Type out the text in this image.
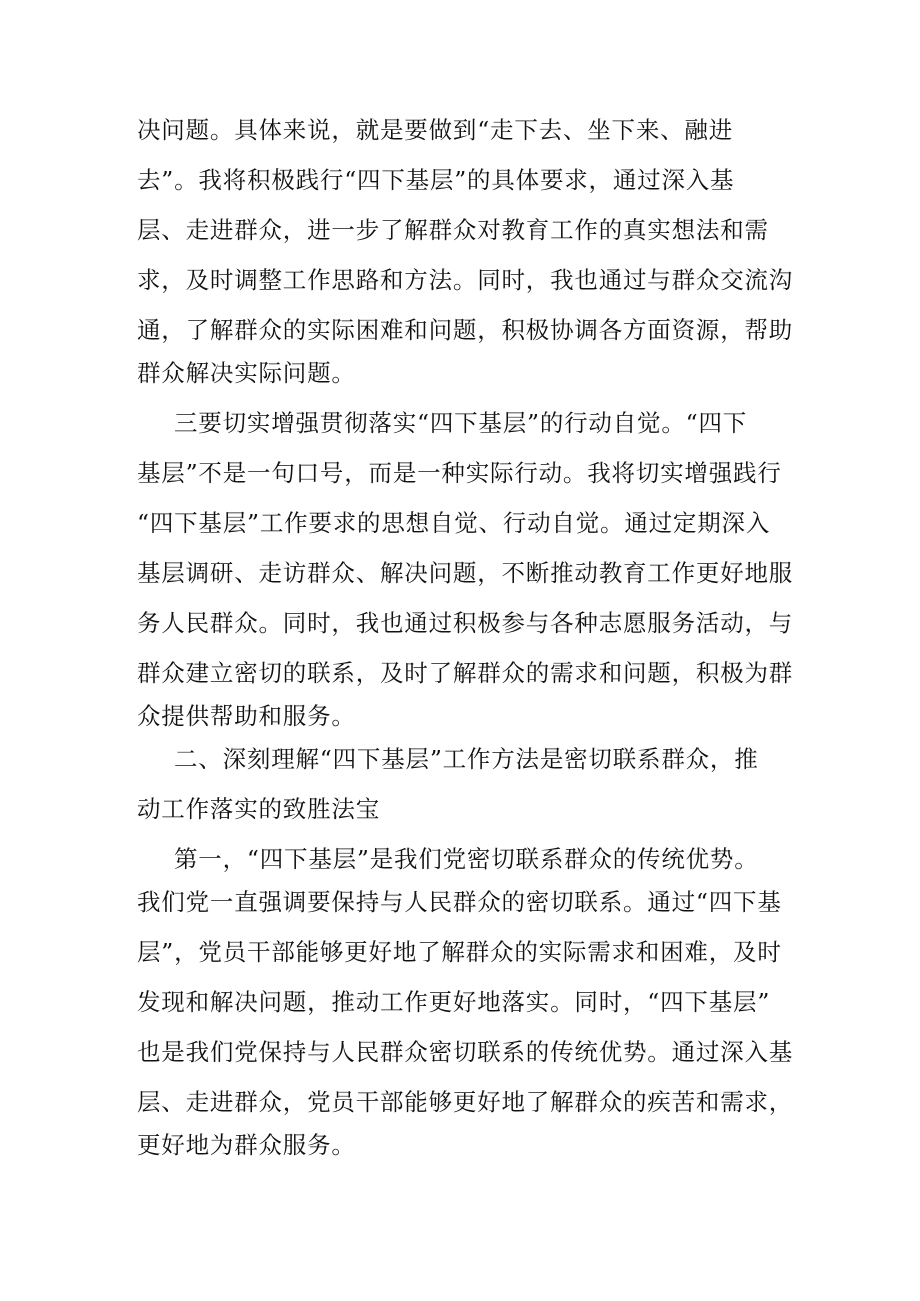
决问题。具体来说，就是要做到“走下去、坐下来、融进
去”。我将积极践行“四下基层”的具体要求，通过深入基
层、走进群众，进一步了解群众对教育工作的真实想法和需
求，及时调整工作思路和方法。同时，我也通过与群众交流沟
通，了解群众的实际困难和问题，积极协调各方面资源，帮助
群众解决实际问题。
三要切实增强贯彻落实“四下基层”的行动自觉。“四下
基层”不是一句口号，而是一种实际行动。我将切实增强践行
“四下基层”工作要求的思想自觉、行动自觉。通过定期深入
基层调研、走访群众、解决问题，不断推动教育工作更好地服
务人民群众。同时，我也通过积极参与各种志愿服务活动，与
群众建立密切的联系，及时了解群众的需求和问题，积极为群
众提供帮助和服务。
二、深刻理解“四下基层”工作方法是密切联系群众，推
动工作落实的致胜法宝
第一，“四下基层”是我们党密切联系群众的传统优势。
我们党一直强调要保持与人民群众的密切联系。通过“四下基
层”，党员干部能够更好地了解群众的实际需求和困难，及时
发现和解决问题，推动工作更好地落实。同时，“四下基层”
也是我们党保持与人民群众密切联系的传统优势。通过深入基
层、走进群众，党员干部能够更好地了解群众的疾苦和需求，
更好地为群众服务。
